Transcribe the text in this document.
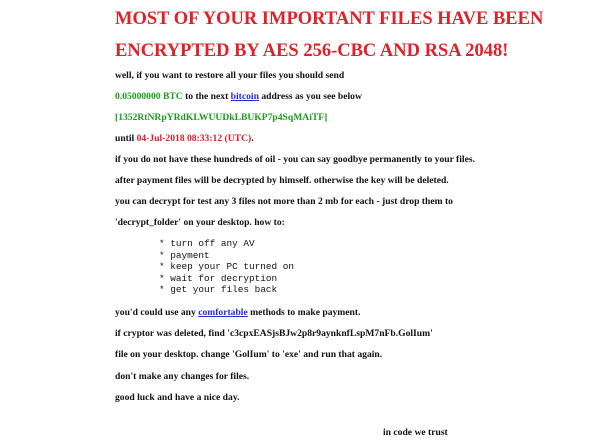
MOST OF YOUR IMPORTANT FILES HAVE BEEN
ENCRYPTED BY AES 256-CBC AND RSA 2048!
well, if you want to restore all your files you should send
0.05000000 BTC to the next bitcoin address as you see below
[1352RtNRpYRdKLWUUDkLBUKP7p4SqMAiTF]
until 04-Jul-2018 08:33:12 (UTC).
if you do not have these hundreds of oil - you can say goodbye permanently to your files.
after payment files will be decrypted by himself. otherwise the key will be deleted.
you can decrypt for test any 3 files not more than 2 mb for each - just drop them to
'decrypt_folder' on your desktop. how to:
* turn off any AV
* payment
* keep your PC turned on
* wait for decryption
* get your files back
you'd could use any comfortable methods to make payment.
if cryptor was deleted, find 'c3cpxEASjsBJw2p8r9aynknfLspM7nFb.GolIum'
file on your desktop. change 'GolIum' to 'exe' and run that again.
don't make any changes for files.
good luck and have a nice day.
in code we trust
